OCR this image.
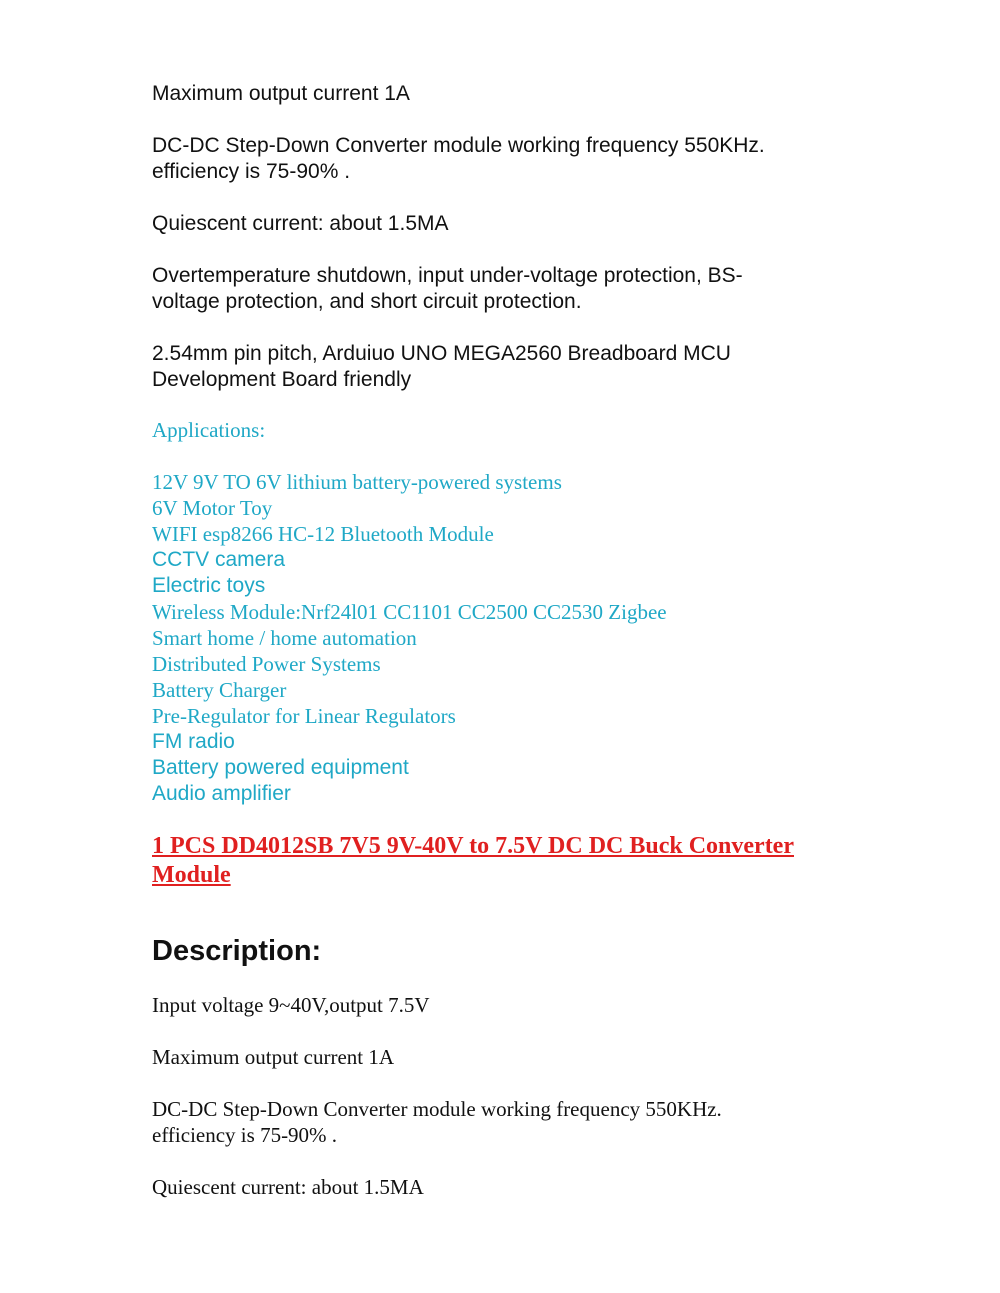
Maximum output current 1A

DC-DC Step-Down Converter module working frequency 550KHz.
efficiency is 75-90% .

Quiescent current: about 1.5MA

Overtemperature shutdown, input under-voltage protection, BS-
voltage protection, and short circuit protection.

2.54mm pin pitch, Arduiuo UNO MEGA2560 Breadboard MCU
Development Board friendly

Applications:

12V 9V TO 6V lithium battery-powered systems
6V Motor Toy
WIFI esp8266 HC-12 Bluetooth Module
CCTV camera
Electric toys
Wireless Module:Nrf24l01 CC1101 CC2500 CC2530 Zigbee
Smart home / home automation
Distributed Power Systems
Battery Charger
Pre-Regulator for Linear Regulators
FM radio
Battery powered equipment
Audio amplifier

1 PCS DD4012SB 7V5 9V-40V to 7.5V DC DC Buck Converter Module

Description:

Input voltage 9~40V,output 7.5V

Maximum output current 1A

DC-DC Step-Down Converter module working frequency 550KHz.
efficiency is 75-90% .

Quiescent current: about 1.5MA
